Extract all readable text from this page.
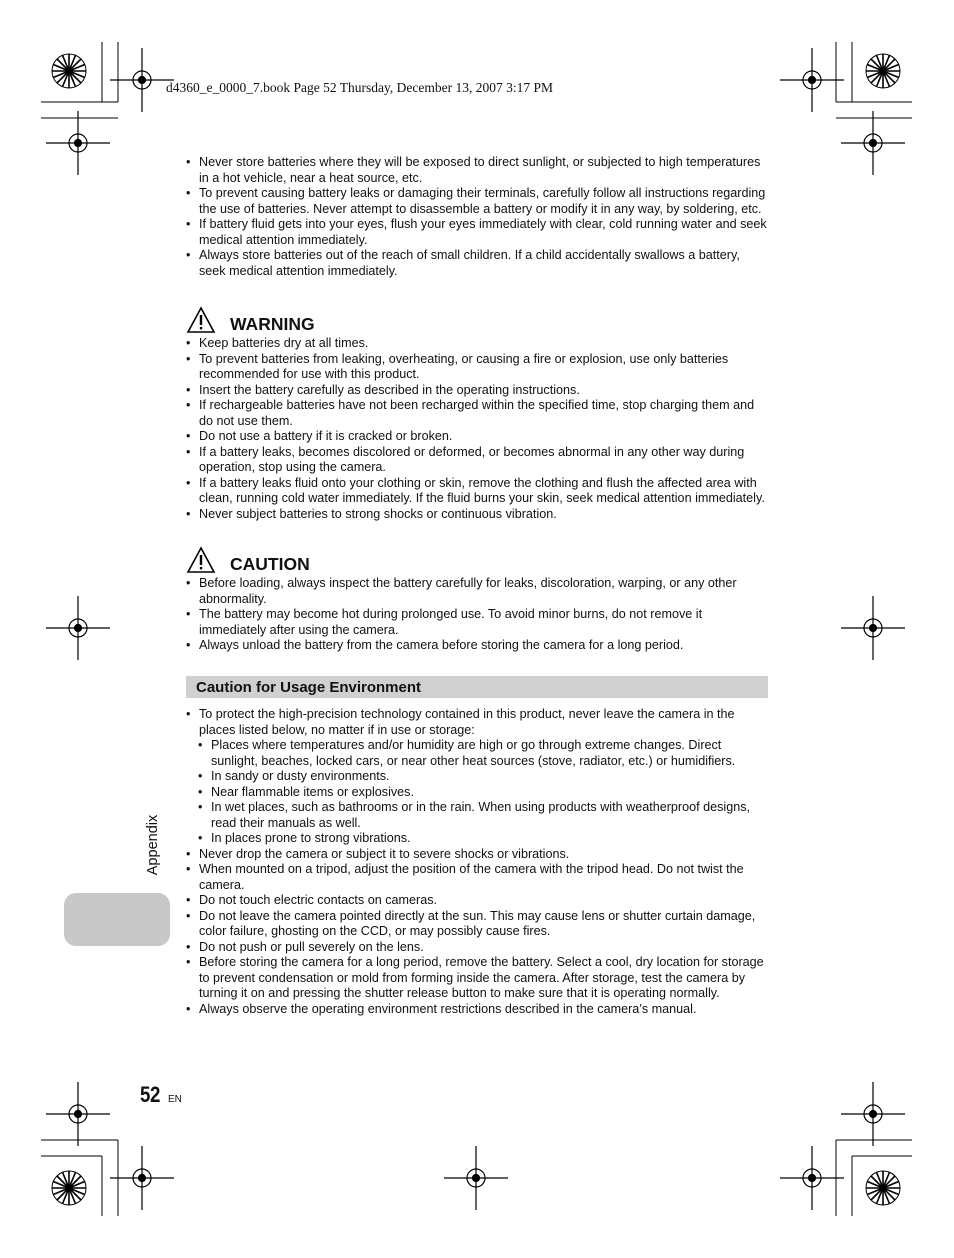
d4360_e_0000_7.book Page 52 Thursday, December 13, 2007 3:17 PM
• Never store batteries where they will be exposed to direct sunlight, or subjected to high temperatures in a hot vehicle, near a heat source, etc.
• To prevent causing battery leaks or damaging their terminals, carefully follow all instructions regarding the use of batteries. Never attempt to disassemble a battery or modify it in any way, by soldering, etc.
• If battery fluid gets into your eyes, flush your eyes immediately with clear, cold running water and seek medical attention immediately.
• Always store batteries out of the reach of small children. If a child accidentally swallows a battery, seek medical attention immediately.
WARNING
• Keep batteries dry at all times.
• To prevent batteries from leaking, overheating, or causing a fire or explosion, use only batteries recommended for use with this product.
• Insert the battery carefully as described in the operating instructions.
• If rechargeable batteries have not been recharged within the specified time, stop charging them and do not use them.
• Do not use a battery if it is cracked or broken.
• If a battery leaks, becomes discolored or deformed, or becomes abnormal in any other way during operation, stop using the camera.
• If a battery leaks fluid onto your clothing or skin, remove the clothing and flush the affected area with clean, running cold water immediately. If the fluid burns your skin, seek medical attention immediately.
• Never subject batteries to strong shocks or continuous vibration.
CAUTION
• Before loading, always inspect the battery carefully for leaks, discoloration, warping, or any other abnormality.
• The battery may become hot during prolonged use. To avoid minor burns, do not remove it immediately after using the camera.
• Always unload the battery from the camera before storing the camera for a long period.
Caution for Usage Environment
• To protect the high-precision technology contained in this product, never leave the camera in the places listed below, no matter if in use or storage:
• Places where temperatures and/or humidity are high or go through extreme changes. Direct sunlight, beaches, locked cars, or near other heat sources (stove, radiator, etc.) or humidifiers.
• In sandy or dusty environments.
• Near flammable items or explosives.
• In wet places, such as bathrooms or in the rain. When using products with weatherproof designs, read their manuals as well.
• In places prone to strong vibrations.
• Never drop the camera or subject it to severe shocks or vibrations.
• When mounted on a tripod, adjust the position of the camera with the tripod head. Do not twist the camera.
• Do not touch electric contacts on cameras.
• Do not leave the camera pointed directly at the sun. This may cause lens or shutter curtain damage, color failure, ghosting on the CCD, or may possibly cause fires.
• Do not push or pull severely on the lens.
• Before storing the camera for a long period, remove the battery. Select a cool, dry location for storage to prevent condensation or mold from forming inside the camera. After storage, test the camera by turning it on and pressing the shutter release button to make sure that it is operating normally.
• Always observe the operating environment restrictions described in the camera’s manual.
Appendix
52 EN
